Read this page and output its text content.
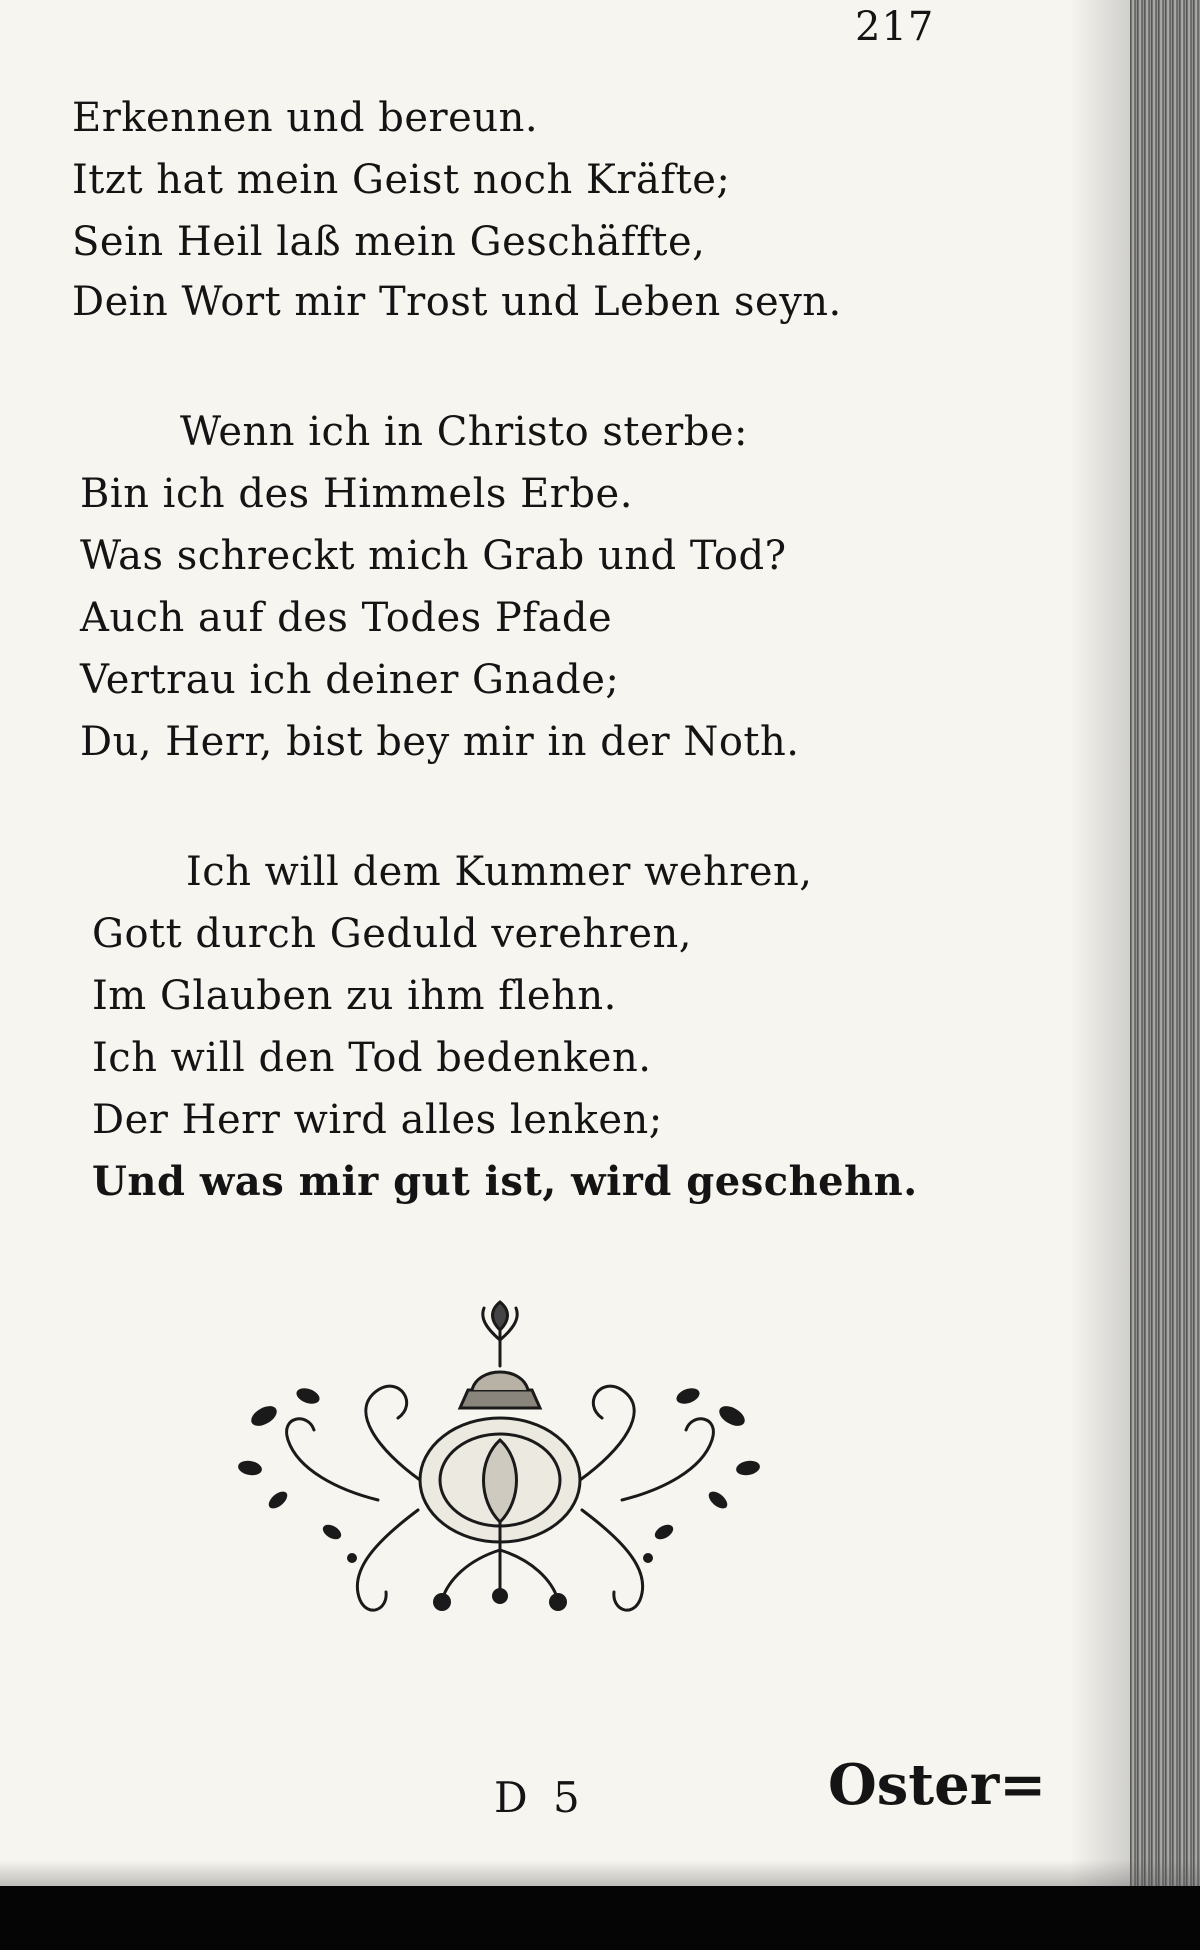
217
Erkennen und bereun.
Itzt hat mein Geist noch Kräfte;
Sein Heil laß mein Geschäffte,
Dein Wort mir Trost und Leben seyn.
Wenn ich in Christo sterbe:
Bin ich des Himmels Erbe.
Was schreckt mich Grab und Tod?
Auch auf des Todes Pfade
Vertrau ich deiner Gnade;
Du, Herr, bist bey mir in der Noth.
Ich will dem Kummer wehren,
Gott durch Geduld verehren,
Im Glauben zu ihm flehn.
Ich will den Tod bedenken.
Der Herr wird alles lenken;
Und was mir gut ist, wird geschehn.
D 5	Oster=
